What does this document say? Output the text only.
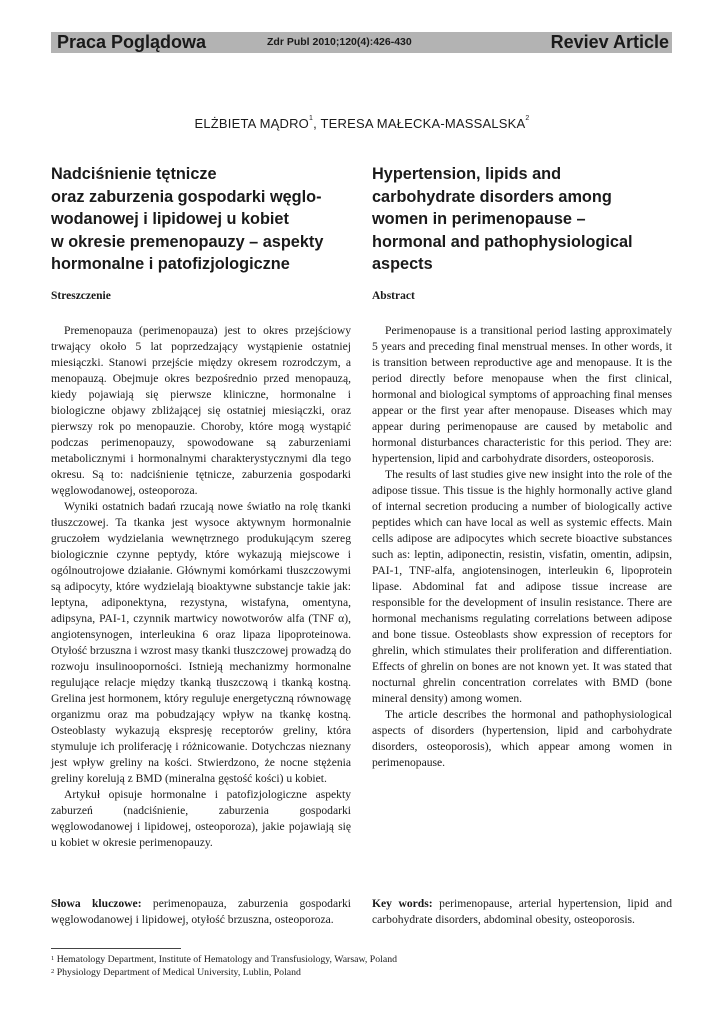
Praca Poglądowa	Zdr Publ 2010;120(4):426-430	Reviev Article
ELŻBIETA MĄDRO$^1$, TERESA MAŁECKA-MASSALSKA$^2$
Nadciśnienie tętnicze
oraz zaburzenia gospodarki węglo-
wodanowej i lipidowej u kobiet
w okresie premenopauzy – aspekty
hormonalne i patofizjologiczne
Hypertension, lipids and
carbohydrate disorders among
women in perimenopause –
hormonal and pathophysiological
aspects
Streszczenie	Abstract

Premenopauza (perimenopauza) jest to okres przejściowy trwający około 5 lat poprzedzający wystąpienie ostatniej miesiączki. Stanowi przejście między okresem rozrodczym, a menopauzą. Obejmuje okres bezpośrednio przed menopauzą, kiedy pojawiają się pierwsze kliniczne, hormonalne i biologiczne objawy zbliżającej się ostatniej miesiączki, oraz pierwszy rok po menopauzie. Choroby, które mogą wystąpić podczas perimenopauzy, spowodowane są zaburzeniami metabolicznymi i hormonalnymi charakterystycznymi dla tego okresu. Są to: nadciśnienie tętnicze, zaburzenia gospodarki węglowodanowej, osteoporoza.

Wyniki ostatnich badań rzucają nowe światło na rolę tkanki tłuszczowej. Ta tkanka jest wysoce aktywnym hormonalnie gruczołem wydzielania wewnętrznego produkującym szereg biologicznie czynne peptydy, które wykazują miejscowe i ogólnoutrojowe działanie. Głównymi komórkami tłuszczowymi są adipocyty, które wydzielają bioaktywne substancje takie jak: leptyna, adiponektyna, rezystyna, wistafyna, omentyna, adipsyna, PAI-1, czynnik martwicy nowotworów alfa (TNF α), angiotensynogen, interleukina 6 oraz lipaza lipoproteinowa. Otyłość brzuszna i wzrost masy tkanki tłuszczowej prowadzą do rozwoju insulinooporności. Istnieją mechanizmy hormonalne regulujące relacje między tkanką tłuszczową i tkanką kostną. Grelina jest hormonem, który reguluje energetyczną równowagę organizmu oraz ma pobudzający wpływ na tkankę kostną. Osteoblasty wykazują ekspresję receptorów greliny, która stymuluje ich proliferację i różnicowanie. Dotychczas nieznany jest wpływ greliny na kości. Stwierdzono, że nocne stężenia greliny korelują z BMD (mineralna gęstość kości) u kobiet.

Artykuł opisuje hormonalne i patofizjologiczne aspekty zaburzeń (nadciśnienie, zaburzenia gospodarki węglowodanowej i lipidowej, osteoporoza), jakie pojawiają się u kobiet w okresie perimenopauzy.

Perimenopause is a transitional period lasting approximately 5 years and preceding final menstrual menses. In other words, it is transition between reproductive age and menopause. It is the period directly before menopause when the first clinical, hormonal and biological symptoms of approaching final menses appear or the first year after menopause. Diseases which may appear during perimenopause are caused by metabolic and hormonal disturbances characteristic for this period. They are: hypertension, lipid and carbohydrate disorders, osteoporosis.

The results of last studies give new insight into the role of the adipose tissue. This tissue is the highly hormonally active gland of internal secretion producing a number of biologically active peptides which can have local as well as systemic effects. Main cells adipose are adipocytes which secrete bioactive substances such as: leptin, adiponectin, resistin, visfatin, omentin, adipsin, PAI-1, TNF-alfa, angiotensinogen, interleukin 6, lipoprotein lipase. Abdominal fat and adipose tissue increase are responsible for the development of insulin resistance. There are hormonal mechanisms regulating correlations between adipose and bone tissue. Osteoblasts show expression of receptors for ghrelin, which stimulates their proliferation and differentiation. Effects of ghrelin on bones are not known yet. It was stated that nocturnal ghrelin concentration correlates with BMD (bone mineral density) among women.

The article describes the hormonal and pathophysiological aspects of disorders (hypertension, lipid and carbohydrate disorders, osteoporosis), which appear among women in perimenopause.

Słowa kluczowe: perimenopauza, zaburzenia gospodarki węglowodanowej i lipidowej, otyłość brzuszna, osteoporoza.
Key words: perimenopause, arterial hypertension, lipid and carbohydrate disorders, abdominal obesity, osteoporosis.
$^1$ Hematology Department, Institute of Hematology and Transfusiology, Warsaw, Poland
$^2$ Physiology Department of Medical University, Lublin, Poland
